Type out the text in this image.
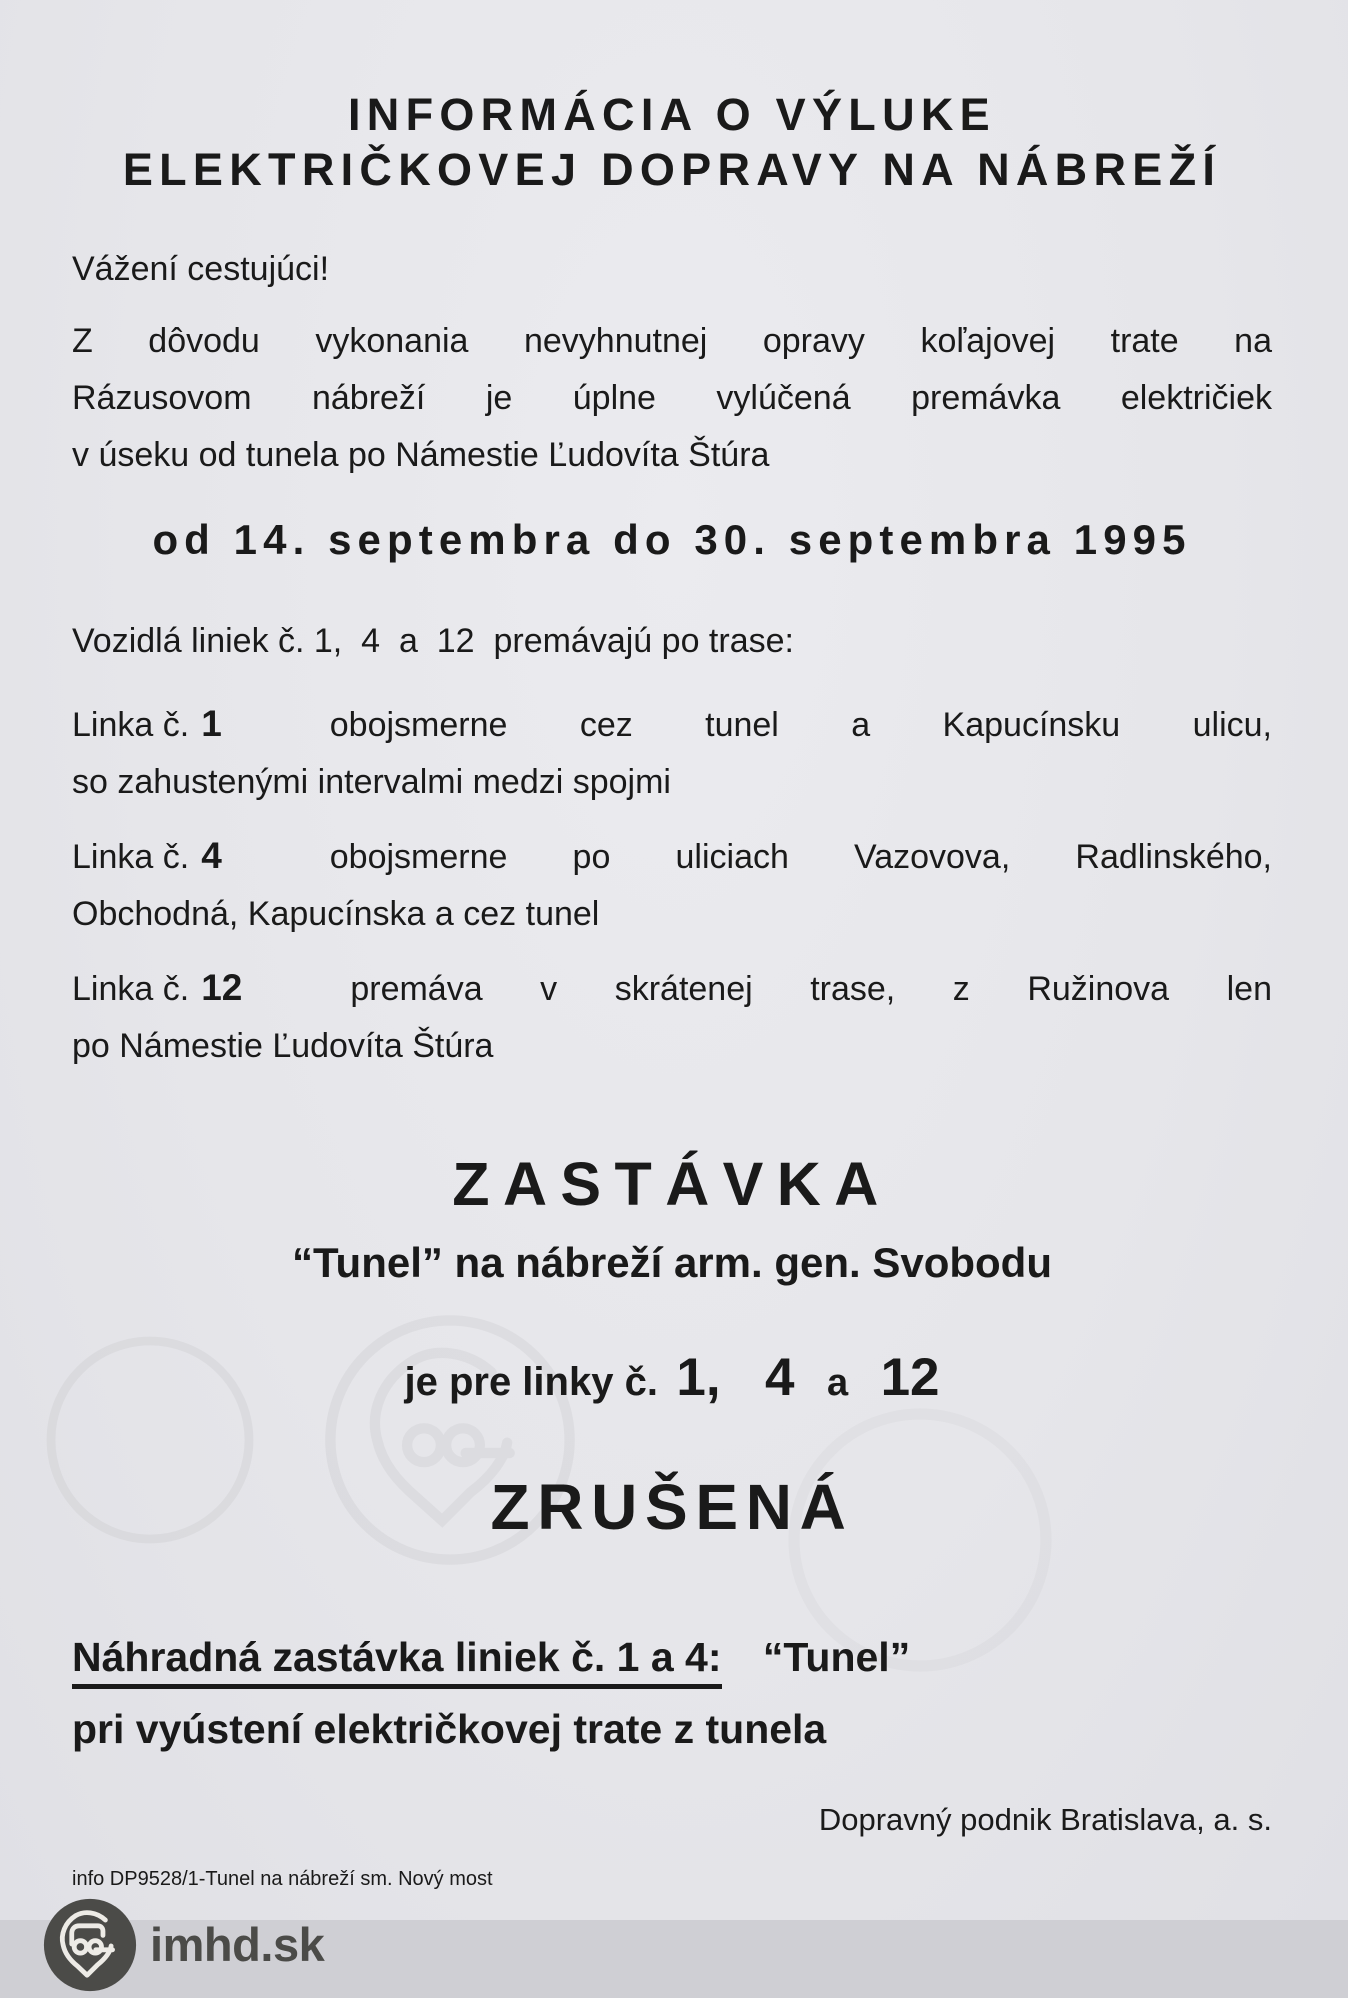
INFORMÁCIA O VÝLUKE
ELEKTRIČKOVEJ DOPRAVY NA NÁBREŽÍ
Vážení cestujúci!
Z dôvodu vykonania nevyhnutnej opravy koľajovej trate na
Rázusovom nábreží je úplne vylúčená premávka električiek
v úseku od tunela po Námestie Ľudovíta Štúra
od 14. septembra do 30. septembra 1995
Vozidlá liniek č. 1,  4  a  12  premávajú po trase:
Linka č. 1	obojsmerne cez tunel a Kapucínsku ulicu,
so zahustenými intervalmi medzi spojmi
Linka č. 4	obojsmerne po uliciach Vazovova, Radlinského,
Obchodná, Kapucínska a cez tunel
Linka č. 12	premáva v skrátenej trase, z Ružinova len
po Námestie Ľudovíta Štúra
ZASTÁVKA
“Tunel” na nábreží arm. gen. Svobodu
je pre linky č. 1, 4 a 12
ZRUŠENÁ
Náhradná zastávka liniek č. 1 a 4: “Tunel”
pri vyústení električkovej trate z tunela
Dopravný podnik Bratislava, a. s.
info DP9528/1-Tunel na nábreží sm. Nový most
imhd.sk
